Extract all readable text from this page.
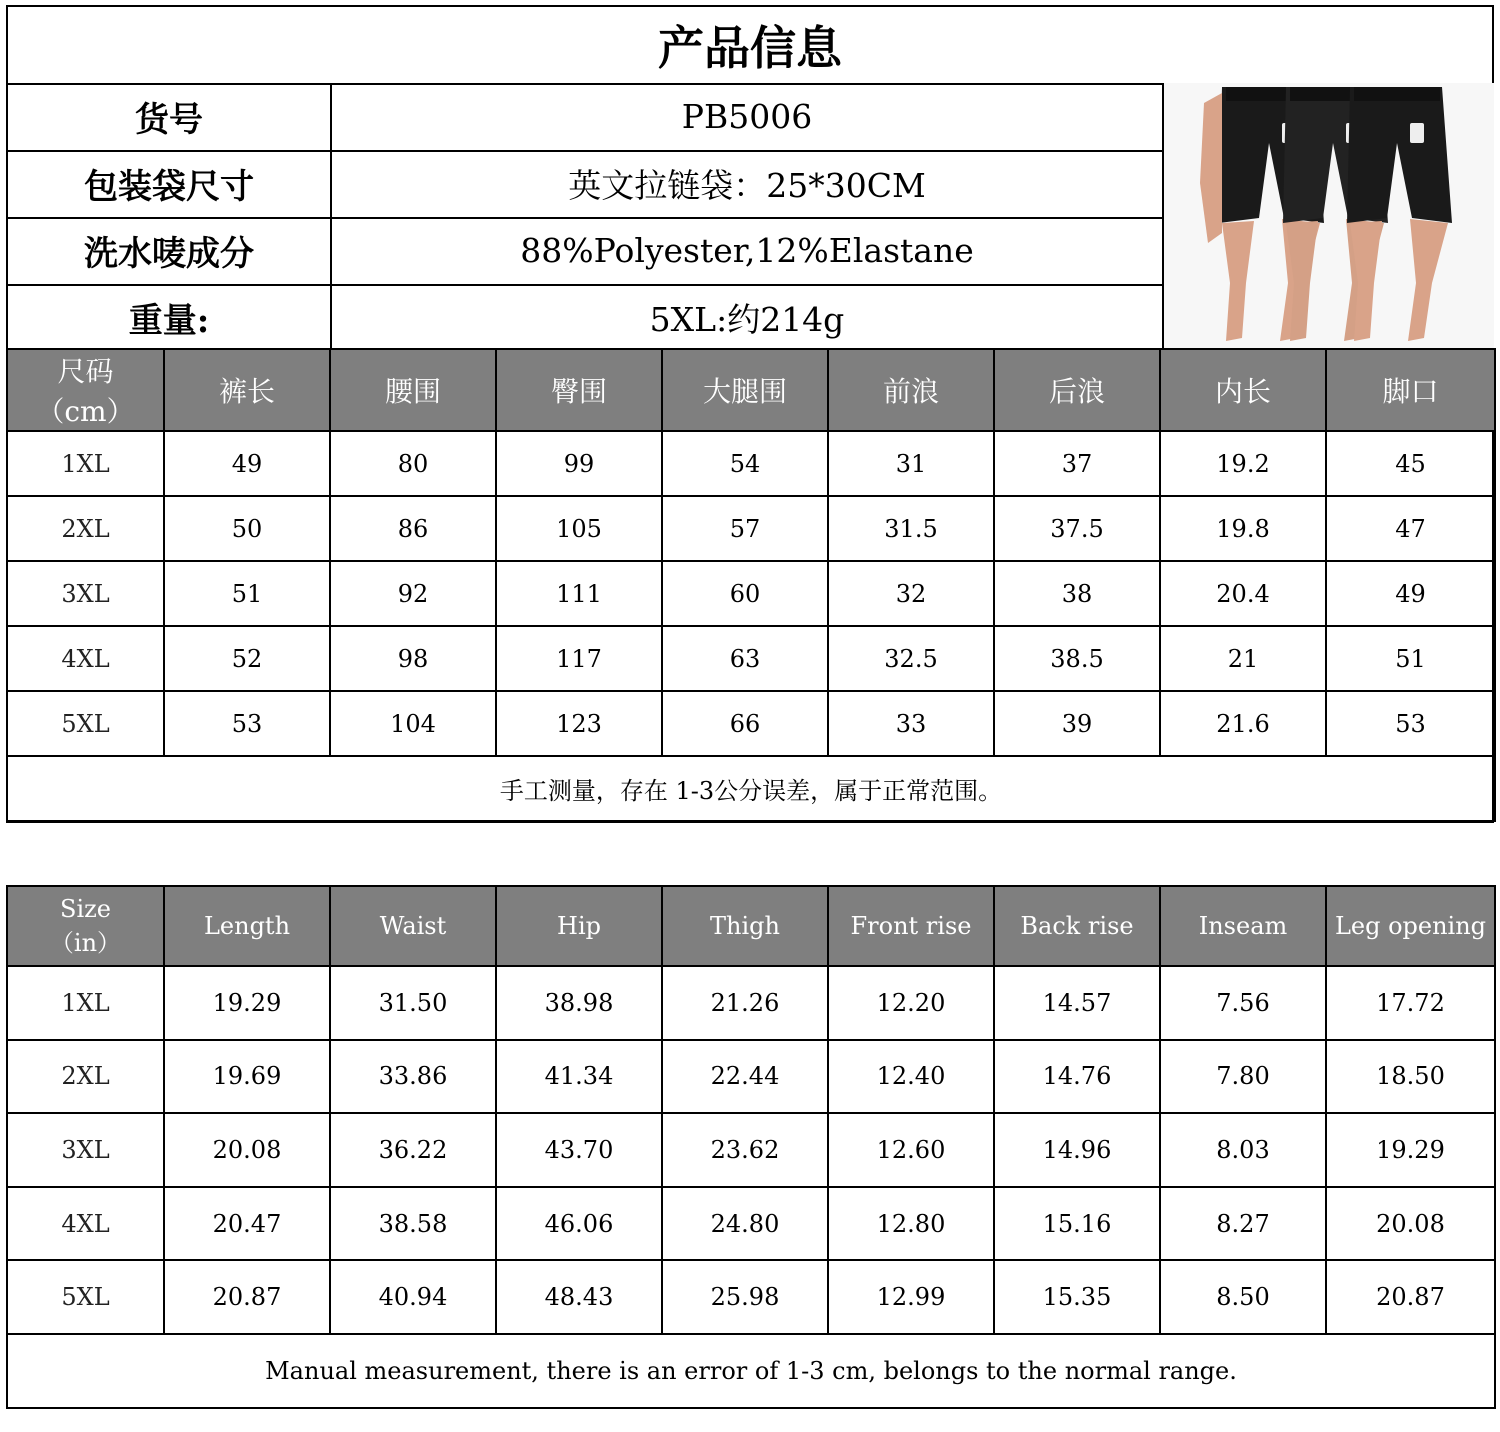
产品信息
货号	PB5006
包装袋尺寸	英文拉链袋：25*30CM
洗水唛成分	88%Polyester,12%Elastane
重量:	5XL:约214g
尺码
（cm）	裤长	腰围	臀围	大腿围	前浪	后浪	内长	脚口
1XL	49	80	99	54	31	37	19.2	45
2XL	50	86	105	57	31.5	37.5	19.8	47
3XL	51	92	111	60	32	38	20.4	49
4XL	52	98	117	63	32.5	38.5	21	51
5XL	53	104	123	66	33	39	21.6	53
手工测量，存在 1-3公分误差，属于正常范围。								
Size
（in）	Length	Waist	Hip	Thigh	Front rise	Back rise	Inseam	Leg opening
1XL	19.29	31.50	38.98	21.26	12.20	14.57	7.56	17.72
2XL	19.69	33.86	41.34	22.44	12.40	14.76	7.80	18.50
3XL	20.08	36.22	43.70	23.62	12.60	14.96	8.03	19.29
4XL	20.47	38.58	46.06	24.80	12.80	15.16	8.27	20.08
5XL	20.87	40.94	48.43	25.98	12.99	15.35	8.50	20.87
Manual measurement, there is an error of 1-3 cm, belongs to the normal range.								
